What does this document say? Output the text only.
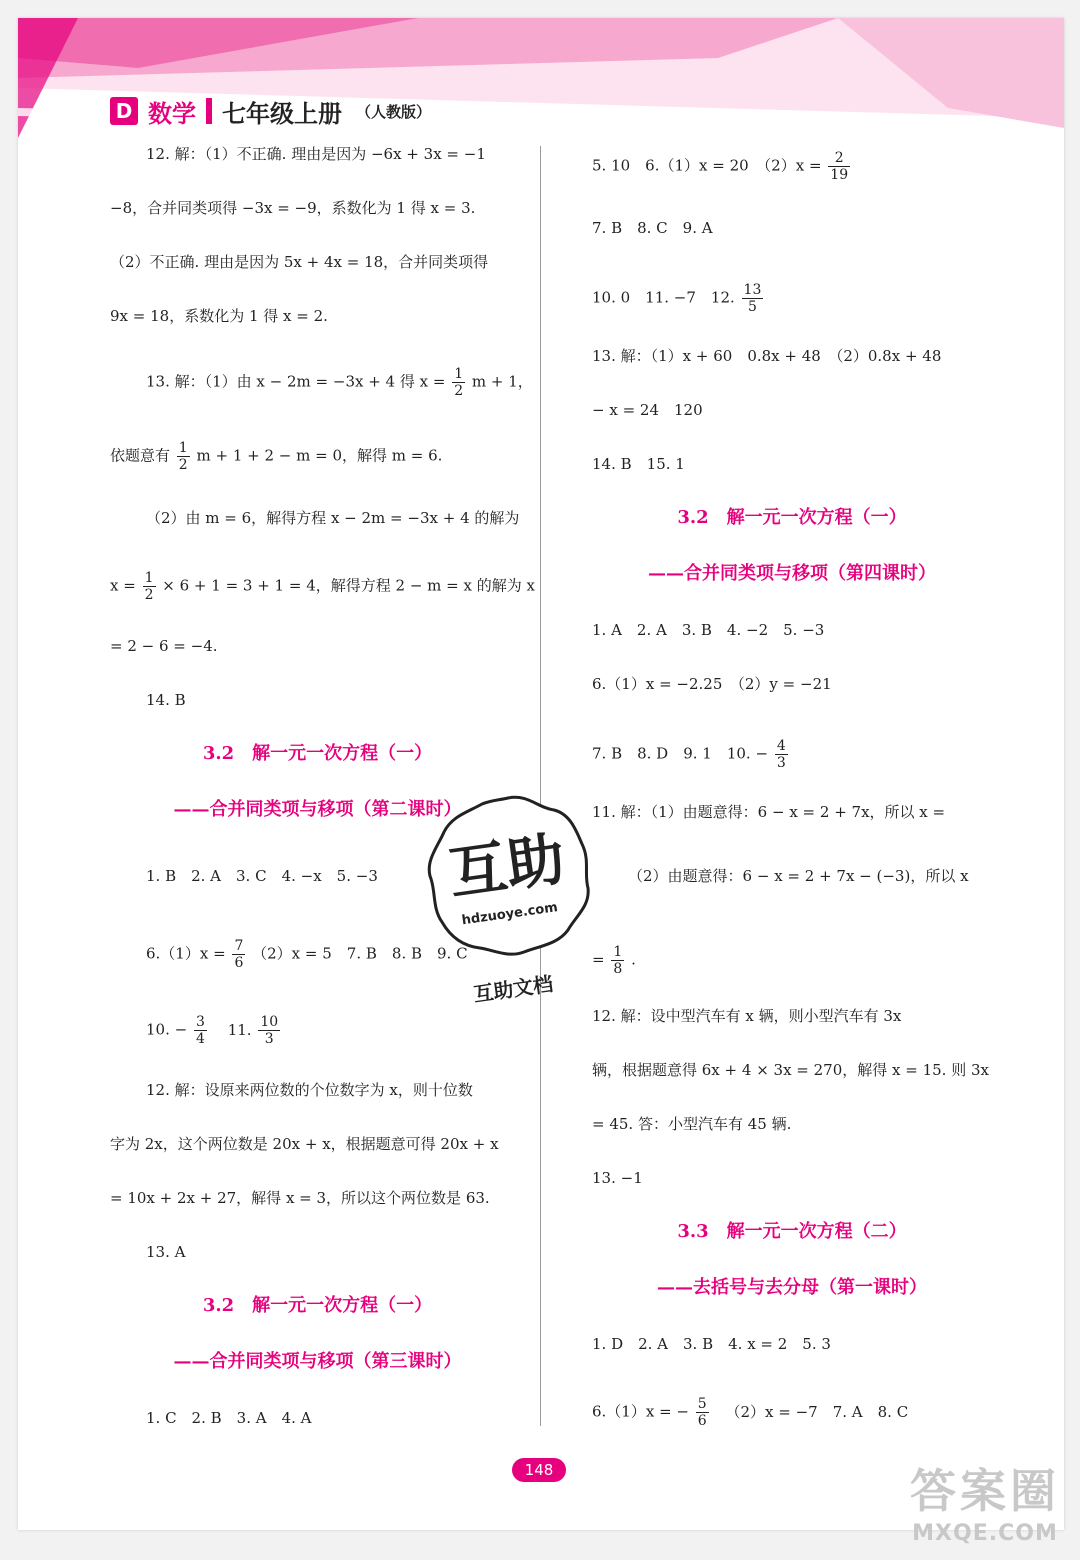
D 数学 七年级上册 （人教版）
12. 解：（1）不正确. 理由是因为 −6x + 3x = −1
−8，合并同类项得 −3x = −9，系数化为 1 得 x = 3.
（2）不正确. 理由是因为 5x + 4x = 18，合并同类项得
9x = 18，系数化为 1 得 x = 2.
13. 解：（1）由 x − 2m = −3x + 4 得 $x = \frac{1}{2}$ m + 1，
依题意有 $\frac{1}{2}$ m + 1 + 2 − m = 0，解得 m = 6.
（2）由 m = 6，解得方程 x − 2m = −3x + 4 的解为
$x = \frac{1}{2} \times 6 + 1 = 3 + 1 = 4$，解得方程 2 − m = x 的解为 x
= 2 − 6 = −4.
14. B
3.2　解一元一次方程（一）
——合并同类项与移项（第二课时）
1. B　2. A　3. C　4. −x　5. −3
$6.(1)x = \frac{7}{6} (2)x = 5$　7. B　8. B　9. C
10. − $\frac{3}{4} 11$. $\frac{10}{3}$
12. 解：设原来两位数的个位数字为 x，则十位数
字为 2x，这个两位数是 20x + x，根据题意可得 20x + x
= 10x + 2x + 27，解得 x = 3，所以这个两位数是 63.
13. A
3.2　解一元一次方程（一）
——合并同类项与移项（第三课时）
1. C　2. B　3. A　4. A
5. 10　6.（1）x = 20　$(2)x = \frac{2}{19}$
7. B　8. C　9. A
10. 0　11. −7　12. $\frac{13}{5}$
13. 解：（1）x + 60　0.8x + 48　（2）0.8x + 48
− x = 24　120
14. B　15. 1
3.2　解一元一次方程（一）
——合并同类项与移项（第四课时）
1. A　2. A　3. B　4. −2　5. −3
6.（1）x = −2.25　（2）y = −21
7. B　8. D　9. 1　10. − $\frac{4}{3}$
11. 解：（1）由题意得：6 − x = 2 + 7x，所以 x =
（2）由题意得：6 − x = 2 + 7x − (−3)，所以 x
= $\frac{1}{8}$ .
12. 解：设中型汽车有 x 辆，则小型汽车有 3x
辆，根据题意得 6x + 4 × 3x = 270，解得 x = 15. 则 3x
= 45. 答：小型汽车有 45 辆.
13. −1
3.3　解一元一次方程（二）
——去括号与去分母（第一课时）
1. D　2. A　3. B　4. x = 2　5. 3
6.（1）x = − $\frac{5}{6} (2)x = -7$　7. A　8. C
互助
hdzuoye.com
互助文档
148	答案圈
MXQE.COM
